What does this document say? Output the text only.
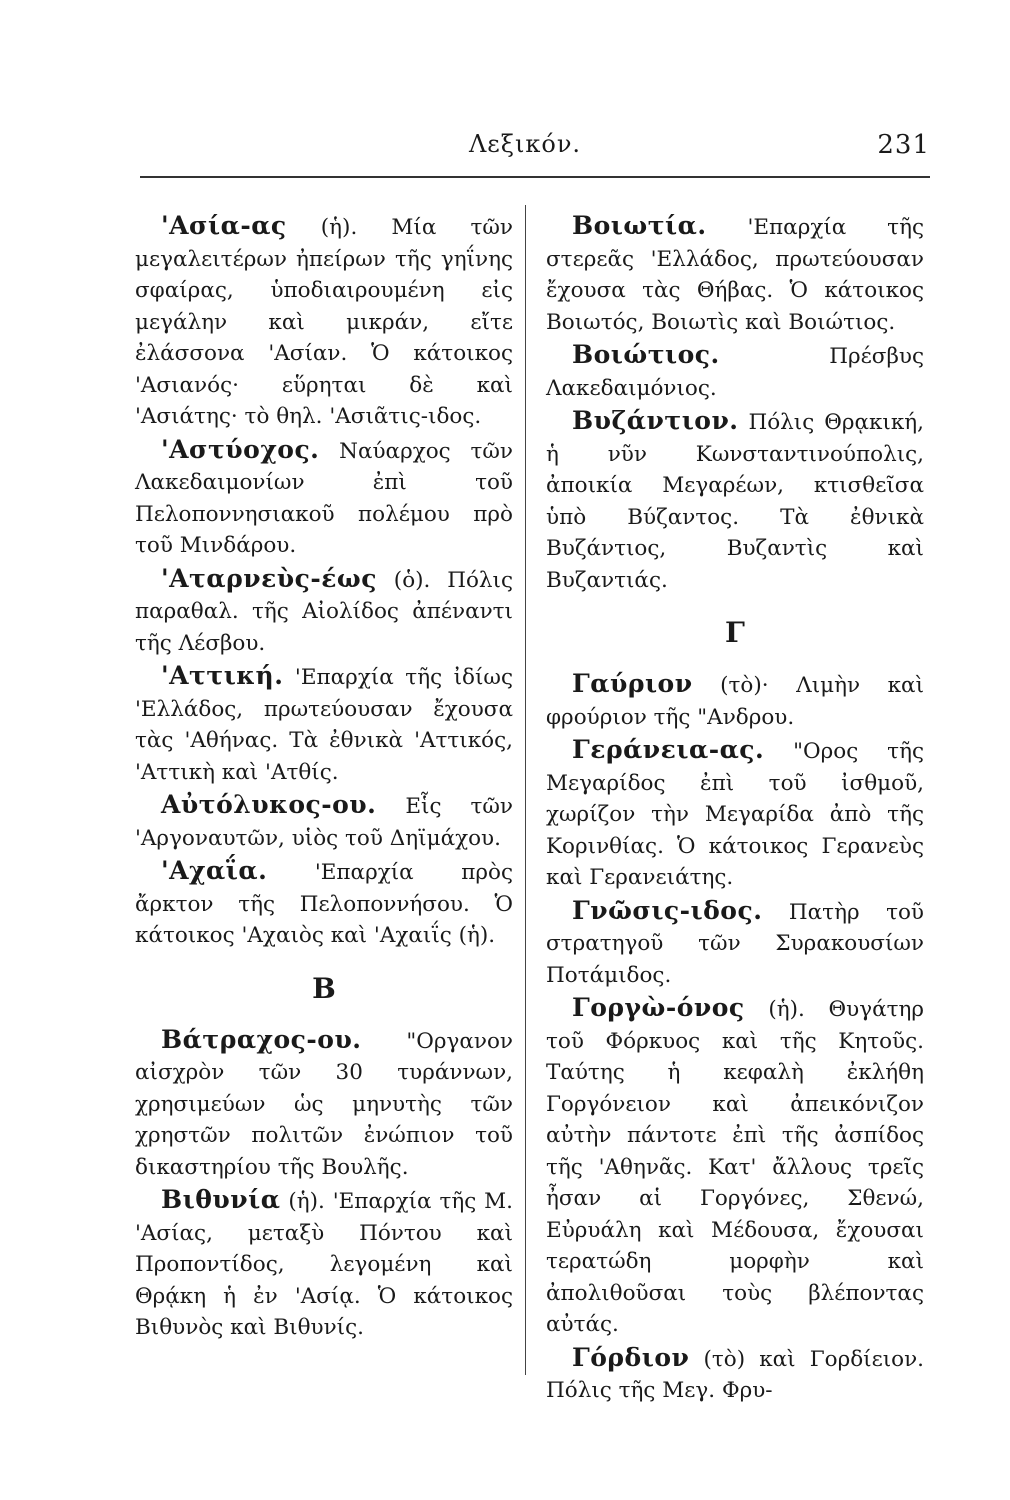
Λεξικόν.	231

'Ασία-ας (ἡ). Μία τῶν μεγαλειτέρων ἠπείρων τῆς γηΐνης σφαίρας, ὑποδιαιρουμένη εἰς μεγάλην καὶ μικράν, εἴτε ἐλάσσονα 'Ασίαν. Ὁ κάτοικος 'Ασιανός· εὕρηται δὲ καὶ 'Ασιάτης· τὸ θηλ. 'Ασιᾶτις-ιδος.

'Αστύοχος. Ναύαρχος τῶν Λακεδαιμονίων ἐπὶ τοῦ Πελοποννησιακοῦ πολέμου πρὸ τοῦ Μινδάρου.

'Αταρνεὺς-έως (ὁ). Πόλις παραθαλ. τῆς Αἰολίδος ἀπέναντι τῆς Λέσβου.

'Αττική. 'Επαρχία τῆς ἰδίως 'Ελλάδος, πρωτεύουσαν ἔχουσα τὰς 'Αθήνας. Τὰ ἐθνικὰ 'Αττικός, 'Αττικὴ καὶ 'Ατθίς.

Αὐτόλυκος-ου. Εἷς τῶν 'Αργοναυτῶν, υἱὸς τοῦ Δηϊμάχου.

'Αχαΐα. 'Επαρχία πρὸς ἄρκτον τῆς Πελοποννήσου. Ὁ κάτοικος 'Αχαιὸς καὶ 'Αχαιΐς (ἡ).

Β

Βάτραχος-ου. "Οργανον αἰσχρὸν τῶν 30 τυράννων, χρησιμεύων ὡς μηνυτὴς τῶν χρηστῶν πολιτῶν ἐνώπιον τοῦ δικαστηρίου τῆς Βουλῆς.

Βιθυνία (ἡ). 'Επαρχία τῆς Μ. 'Ασίας, μεταξὺ Πόντου καὶ Προποντίδος, λεγομένη καὶ Θρᾴκη ἡ ἐν 'Ασίᾳ. Ὁ κάτοικος Βιθυνὸς καὶ Βιθυνίς.

Βοιωτία. 'Επαρχία τῆς στερεᾶς 'Ελλάδος, πρωτεύουσαν ἔχουσα τὰς Θήβας. Ὁ κάτοικος Βοιωτός, Βοιωτὶς καὶ Βοιώτιος.

Βοιώτιος. Πρέσβυς Λακεδαιμόνιος.

Βυζάντιον. Πόλις Θρᾳκική, ἡ νῦν Κωνσταντινούπολις, ἀποικία Μεγαρέων, κτισθεῖσα ὑπὸ Βύζαντος. Τὰ ἐθνικὰ Βυζάντιος, Βυζαντὶς καὶ Βυζαντιάς.

Γ

Γαύριον (τὸ)· Λιμὴν καὶ φρούριον τῆς "Ανδρου.

Γεράνεια-ας. "Ορος τῆς Μεγαρίδος ἐπὶ τοῦ ἰσθμοῦ, χωρίζον τὴν Μεγαρίδα ἀπὸ τῆς Κορινθίας. Ὁ κάτοικος Γερανεὺς καὶ Γερανειάτης.

Γνῶσις-ιδος. Πατὴρ τοῦ στρατηγοῦ τῶν Συρακουσίων Ποτάμιδος.

Γοργὼ-όνος (ἡ). Θυγάτηρ τοῦ Φόρκυος καὶ τῆς Κητοῦς. Ταύτης ἡ κεφαλὴ ἐκλήθη Γοργόνειον καὶ ἀπεικόνιζον αὐτὴν πάντοτε ἐπὶ τῆς ἀσπίδος τῆς 'Αθηνᾶς. Κατ' ἄλλους τρεῖς ἦσαν αἱ Γοργόνες, Σθενώ, Εὐρυάλη καὶ Μέδουσα, ἔχουσαι τερατώδη μορφὴν καὶ ἀπολιθοῦσαι τοὺς βλέποντας αὐτάς.

Γόρδιον (τὸ) καὶ Γορδίειον. Πόλις τῆς Μεγ. Φρυ-
